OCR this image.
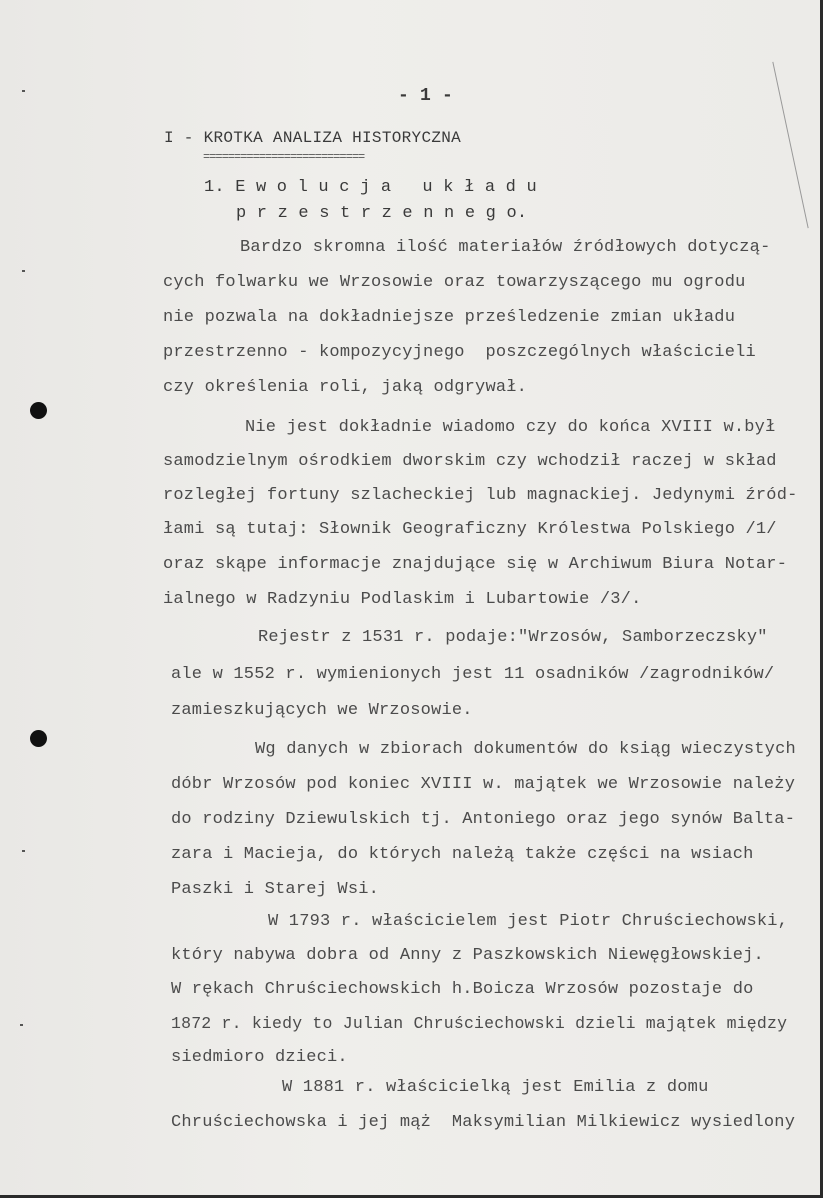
- 1 -
I - KROTKA ANALIZA HISTORYCZNA
==========================
1. E w o l u c j a   u k ł a d u
p r z e s t r z e n n e g o.
Bardzo skromna ilość materiałów źródłowych dotyczą-
cych folwarku we Wrzosowie oraz towarzyszącego mu ogrodu
nie pozwala na dokładniejsze prześledzenie zmian układu
przestrzenno - kompozycyjnego  poszczególnych właścicieli
czy określenia roli, jaką odgrywał.
Nie jest dokładnie wiadomo czy do końca XVIII w.był
samodzielnym ośrodkiem dworskim czy wchodził raczej w skład
rozległej fortuny szlacheckiej lub magnackiej. Jedynymi źród-
łami są tutaj: Słownik Geograficzny Królestwa Polskiego /1/
oraz skąpe informacje znajdujące się w Archiwum Biura Notar-
ialnego w Radzyniu Podlaskim i Lubartowie /3/.
Rejestr z 1531 r. podaje:"Wrzosów, Samborzeczsky"
ale w 1552 r. wymienionych jest 11 osadników /zagrodników/
zamieszkujących we Wrzosowie.
Wg danych w zbiorach dokumentów do ksiąg wieczystych
dóbr Wrzosów pod koniec XVIII w. majątek we Wrzosowie należy
do rodziny Dziewulskich tj. Antoniego oraz jego synów Balta-
zara i Macieja, do których należą także części na wsiach
Paszki i Starej Wsi.
W 1793 r. właścicielem jest Piotr Chruściechowski,
który nabywa dobra od Anny z Paszkowskich Niewęgłowskiej.
W rękach Chruściechowskich h.Boicza Wrzosów pozostaje do
1872 r. kiedy to Julian Chruściechowski dzieli majątek między
siedmioro dzieci.
W 1881 r. właścicielką jest Emilia z domu
Chruściechowska i jej mąż  Maksymilian Milkiewicz wysiedlony
